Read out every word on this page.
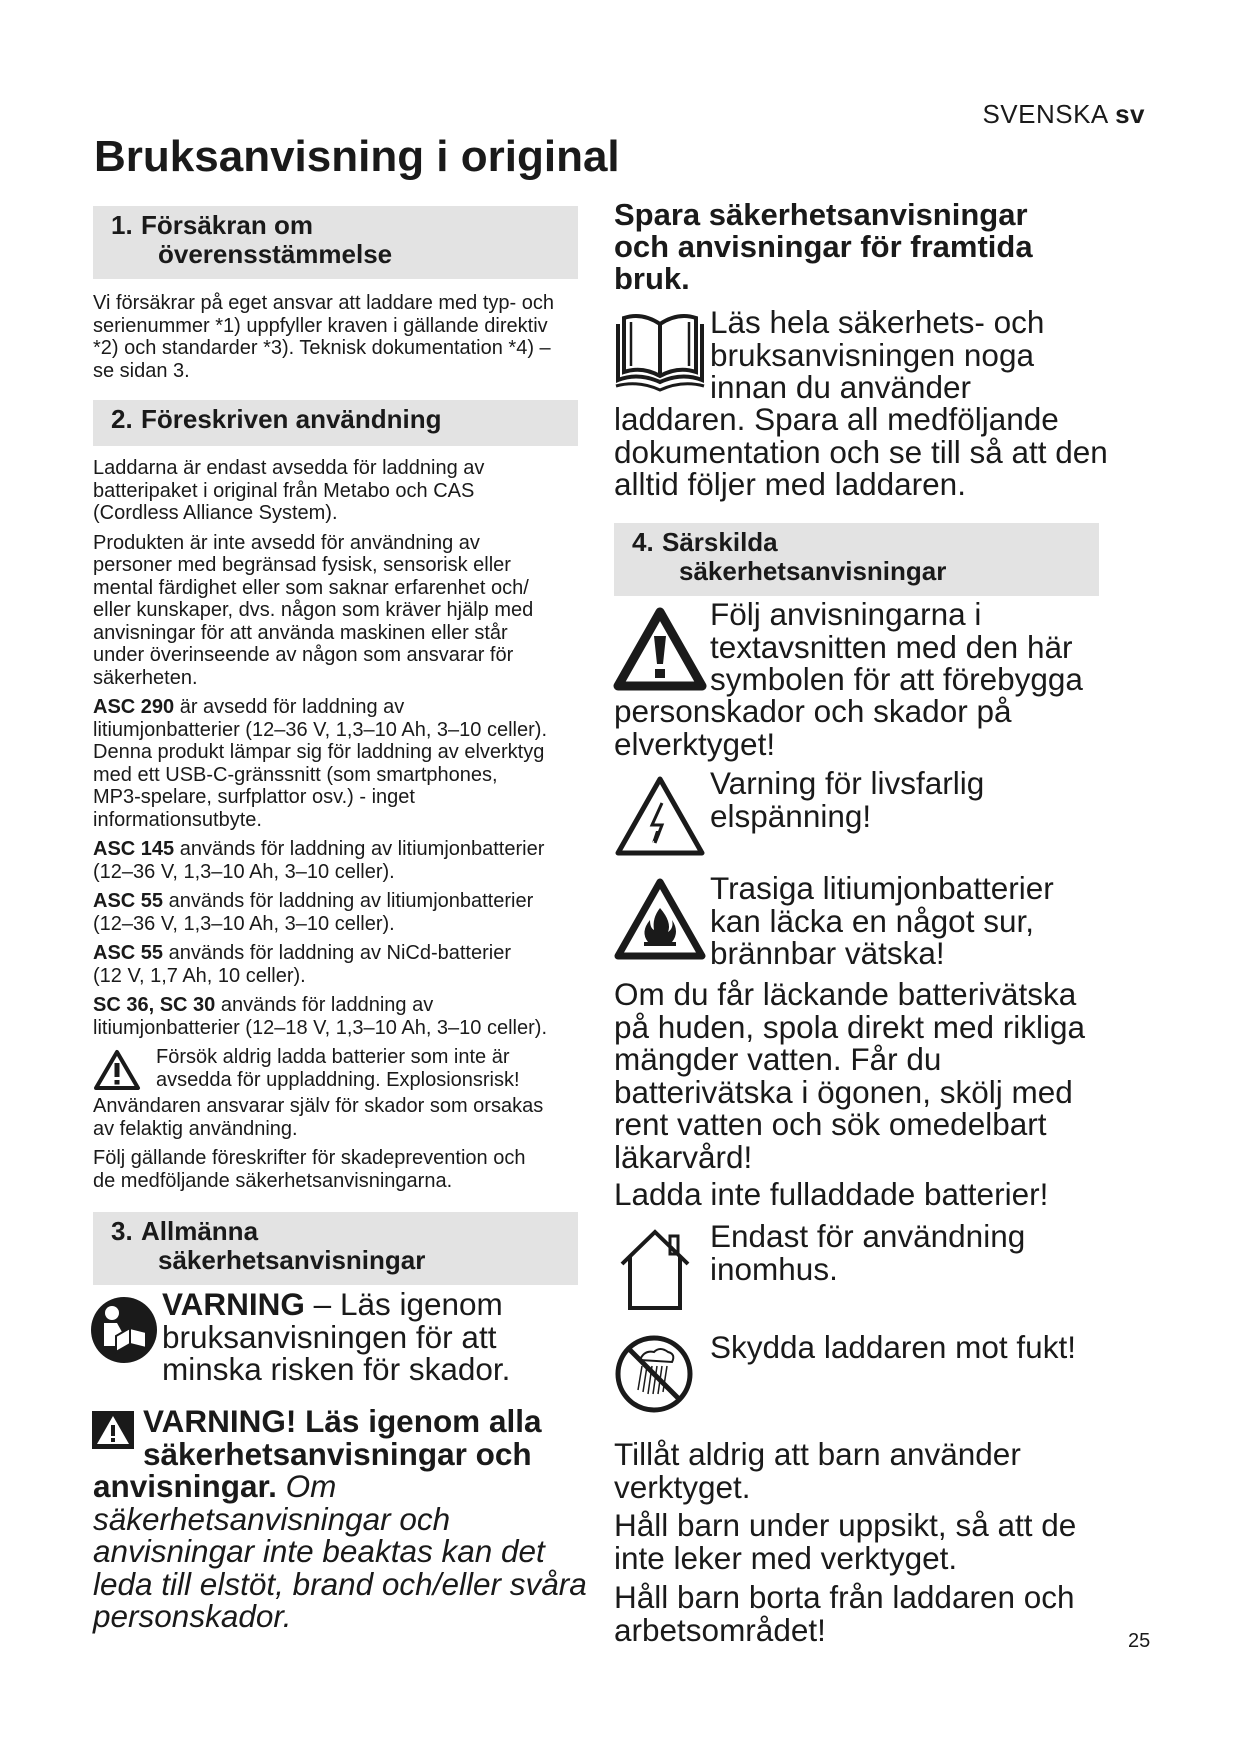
SVENSKA sv
Bruksanvisning i original
1. Försäkran om
överensstämmelse
Vi försäkrar på eget ansvar att laddare med typ- och
serienummer *1) uppfyller kraven i gällande direktiv
*2) och standarder *3). Teknisk dokumentation *4) –
se sidan 3.
2. Föreskriven användning
Laddarna är endast avsedda för laddning av
batteripaket i original från Metabo och CAS
(Cordless Alliance System).
Produkten är inte avsedd för användning av
personer med begränsad fysisk, sensorisk eller
mental färdighet eller som saknar erfarenhet och/
eller kunskaper, dvs. någon som kräver hjälp med
anvisningar för att använda maskinen eller står
under överinseende av någon som ansvarar för
säkerheten.
ASC 290 är avsedd för laddning av
litiumjonbatterier (12–36 V, 1,3–10 Ah, 3–10 celler).
Denna produkt lämpar sig för laddning av elverktyg
med ett USB-C-gränssnitt (som smartphones,
MP3-spelare, surfplattor osv.) - inget
informationsutbyte.
ASC 145 används för laddning av litiumjonbatterier
(12–36 V, 1,3–10 Ah, 3–10 celler).
ASC 55 används för laddning av litiumjonbatterier
(12–36 V, 1,3–10 Ah, 3–10 celler).
ASC 55 används för laddning av NiCd-batterier
(12 V, 1,7 Ah, 10 celler).
SC 36, SC 30 används för laddning av
litiumjonbatterier (12–18 V, 1,3–10 Ah, 3–10 celler).
Försök aldrig ladda batterier som inte är
avsedda för uppladdning. Explosionsrisk!
Användaren ansvarar själv för skador som orsakas
av felaktig användning.
Följ gällande föreskrifter för skadeprevention och
de medföljande säkerhetsanvisningarna.
3. Allmänna
säkerhetsanvisningar
VARNING – Läs igenom
bruksanvisningen för att
minska risken för skador.
VARNING! Läs igenom alla
säkerhetsanvisningar och
anvisningar. Om
säkerhetsanvisningar och
anvisningar inte beaktas kan det
leda till elstöt, brand och/eller svåra
personskador.
Spara säkerhetsanvisningar
och anvisningar för framtida
bruk.
Läs hela säkerhets- och
bruksanvisningen noga
innan du använder
laddaren. Spara all medföljande
dokumentation och se till så att den
alltid följer med laddaren.
4. Särskilda
säkerhetsanvisningar
Följ anvisningarna i
textavsnitten med den här
symbolen för att förebygga
personskador och skador på
elverktyget!
Varning för livsfarlig
elspänning!
Trasiga litiumjonbatterier
kan läcka en något sur,
brännbar vätska!
Om du får läckande batterivätska
på huden, spola direkt med rikliga
mängder vatten. Får du
batterivätska i ögonen, skölj med
rent vatten och sök omedelbart
läkarvård!
Ladda inte fulladdade batterier!
Endast för användning
inomhus.
Skydda laddaren mot fukt!
Tillåt aldrig att barn använder
verktyget.
Håll barn under uppsikt, så att de
inte leker med verktyget.
Håll barn borta från laddaren och
arbetsområdet!	25
